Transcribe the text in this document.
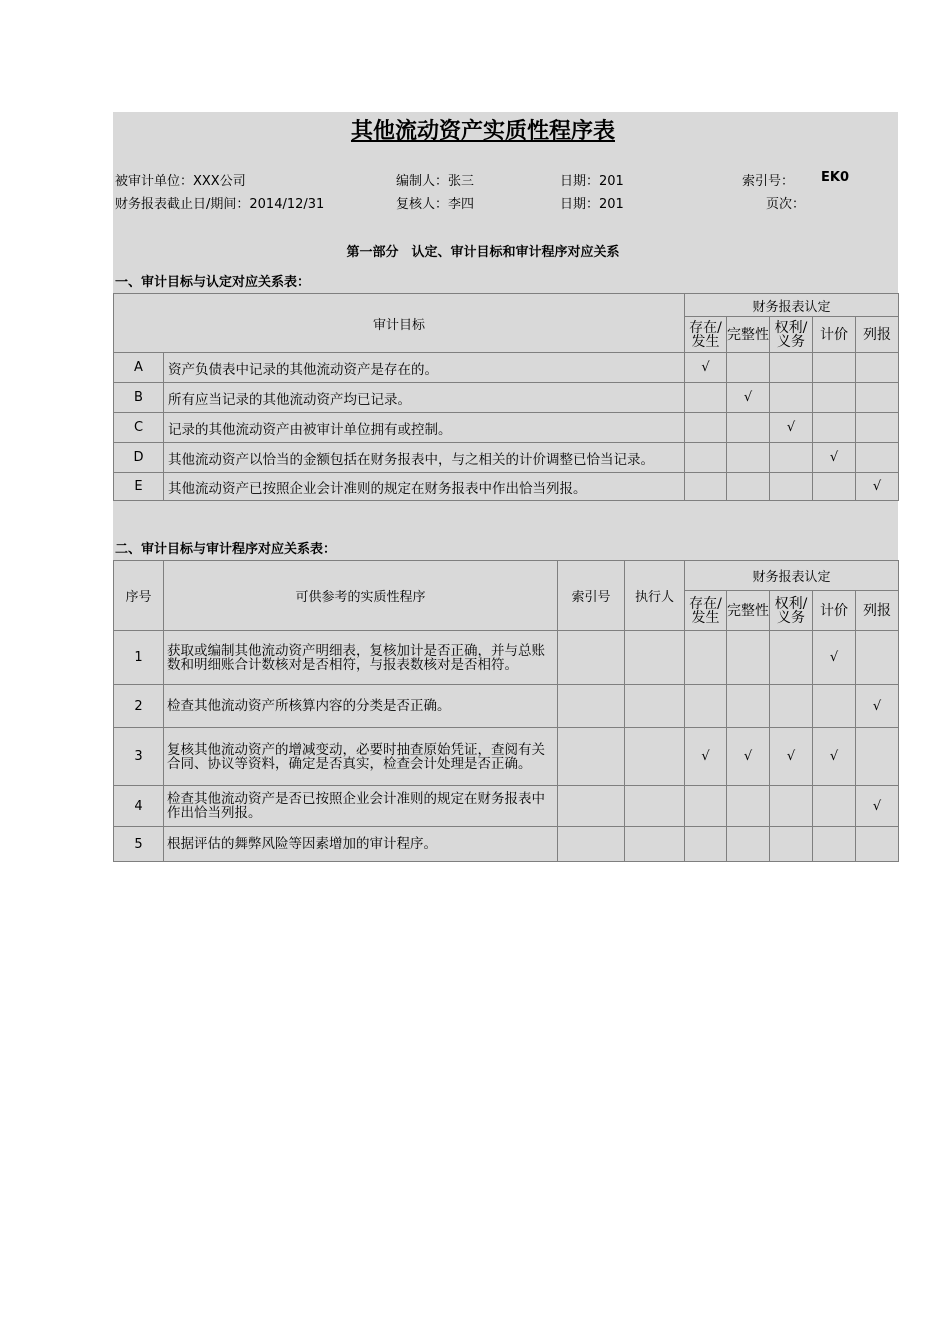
其他流动资产实质性程序表
被审计单位：XXX公司	编制人：张三	日期：201	索引号： EK0
财务报表截止日/期间：2014/12/31	复核人：李四	日期：201	页次：
第一部分　认定、审计目标和审计程序对应关系
一、审计目标与认定对应关系表：
审计目标		财务报表认定				
		存在/发生	完整性	权利/义务	计价	列报
A	资产负债表中记录的其他流动资产是存在的。	√				
B	所有应当记录的其他流动资产均已记录。		√			
C	记录的其他流动资产由被审计单位拥有或控制。			√		
D	其他流动资产以恰当的金额包括在财务报表中，与之相关的计价调整已恰当记录。				√	
E	其他流动资产已按照企业会计准则的规定在财务报表中作出恰当列报。					√
二、审计目标与审计程序对应关系表：
序号	可供参考的实质性程序	索引号	执行人	财务报表认定				
				存在/发生	完整性	权利/义务	计价	列报
1	获取或编制其他流动资产明细表，复核加计是否正确，并与总账数和明细账合计数核对是否相符，与报表数核对是否相符。						√	
2	检查其他流动资产所核算内容的分类是否正确。							√
3	复核其他流动资产的增减变动，必要时抽查原始凭证，查阅有关合同、协议等资料，确定是否真实，检查会计处理是否正确。			√	√	√	√	
4	检查其他流动资产是否已按照企业会计准则的规定在财务报表中作出恰当列报。							√
5	根据评估的舞弊风险等因素增加的审计程序。							
